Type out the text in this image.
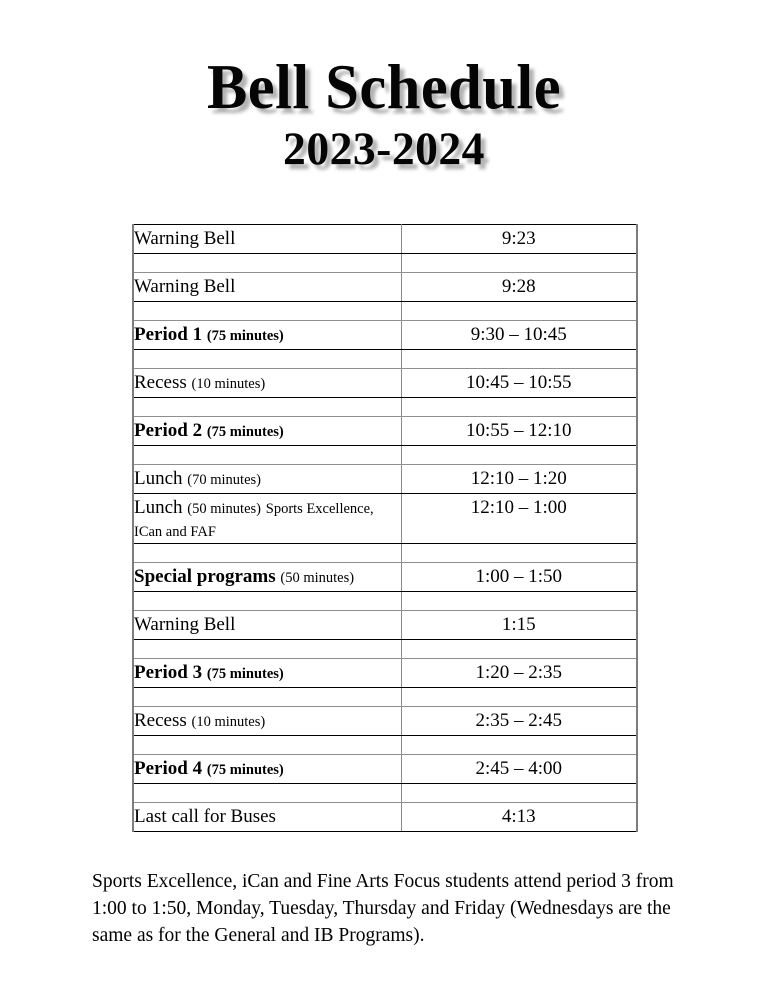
Bell Schedule
2023-2024
Warning Bell	9:23

Warning Bell	9:28

Period 1 (75 minutes)	9:30 – 10:45

Recess (10 minutes)	10:45 – 10:55

Period 2 (75 minutes)	10:55 – 12:10

Lunch (70 minutes)	12:10 – 1:20
Lunch (50 minutes) Sports Excellence, ICan and FAF	12:10 – 1:00

Special programs (50 minutes)	1:00 – 1:50

Warning Bell	1:15

Period 3 (75 minutes)	1:20 – 2:35

Recess (10 minutes)	2:35 – 2:45

Period 4 (75 minutes)	2:45 – 4:00

Last call for Buses	4:13

Sports Excellence, iCan and Fine Arts Focus students attend period 3 from 1:00 to 1:50, Monday, Tuesday, Thursday and Friday (Wednesdays are the same as for the General and IB Programs).
